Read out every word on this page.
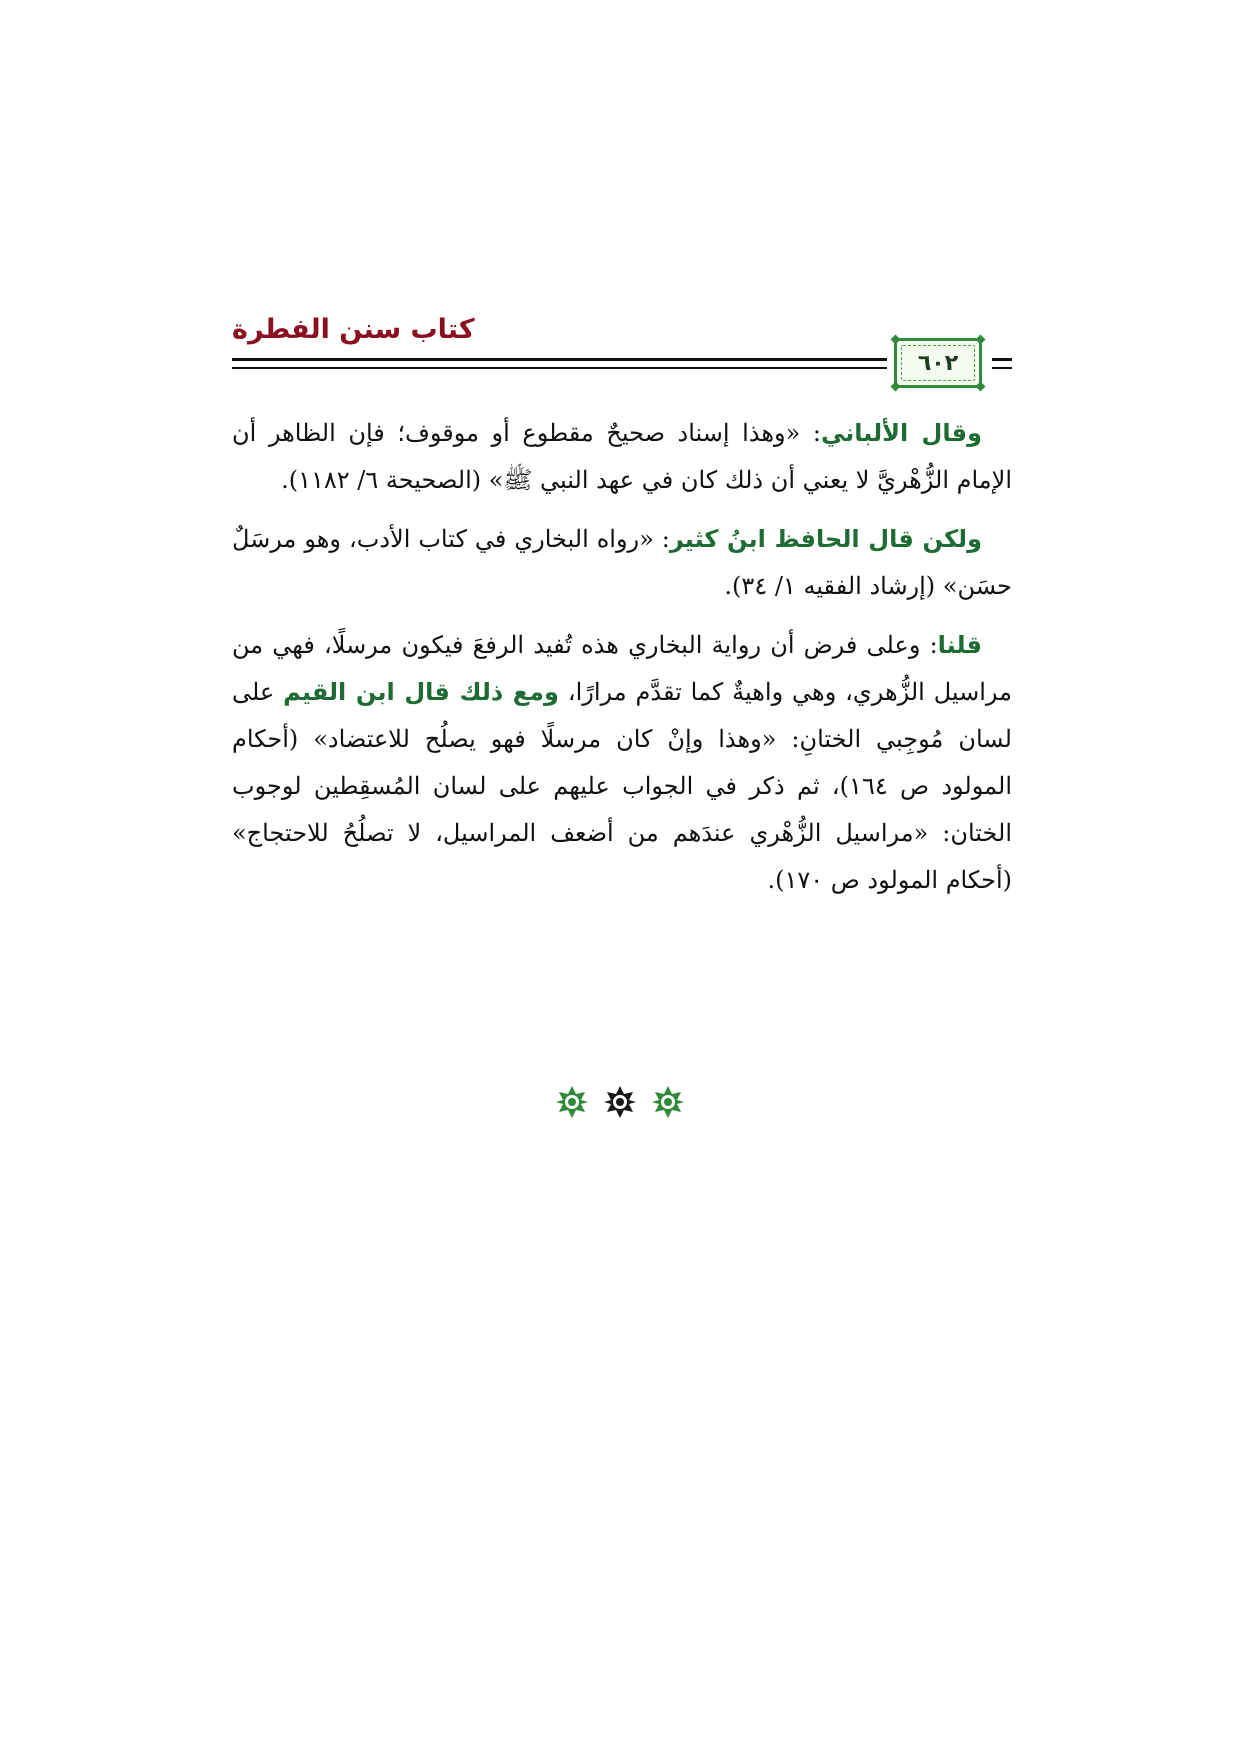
كتاب سنن الفطرة
٦٠٢

وقال الألباني: «وهذا إسناد صحيحٌ مقطوع أو موقوف؛ فإن الظاهر أن الإمام الزُّهْريَّ لا يعني أن ذلك كان في عهد النبي ﷺ» (الصحيحة ٦/ ١١٨٢).

ولكن قال الحافظ ابنُ كثير: «رواه البخاري في كتاب الأدب، وهو مرسَلٌ حسَن» (إرشاد الفقيه ١/ ٣٤).

قلنا: وعلى فرض أن رواية البخاري هذه تُفيد الرفعَ فيكون مرسلًا، فهي من مراسيل الزُّهري، وهي واهيةٌ كما تقدَّم مرارًا، ومع ذلك قال ابن القيم على لسان مُوجِبي الختانِ: «وهذا وإنْ كان مرسلًا فهو يصلُح للاعتضاد» (أحكام المولود ص ١٦٤)، ثم ذكر في الجواب عليهم على لسان المُسقِطين لوجوب الختان: «مراسيل الزُّهْري عندَهم من أضعف المراسيل، لا تصلُحُ للاحتجاج» (أحكام المولود ص ١٧٠).
